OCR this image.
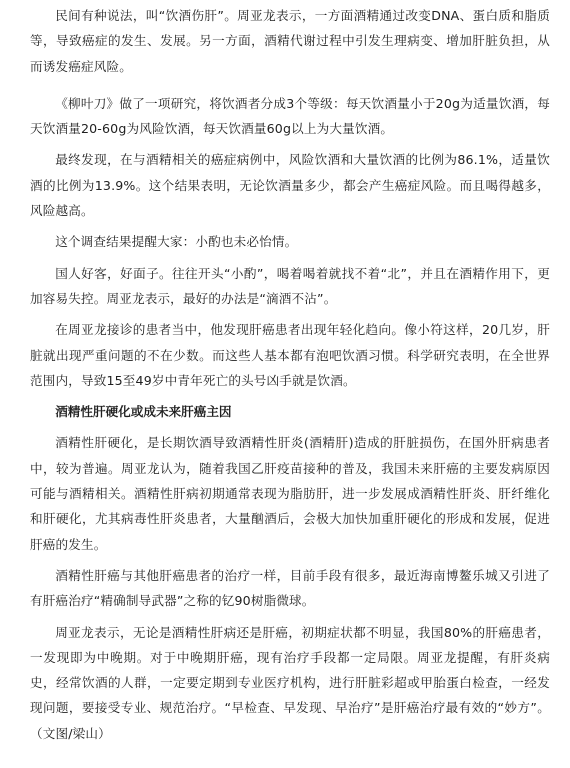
民间有种说法，叫“饮酒伤肝”。周亚龙表示，一方面酒精通过改变DNA、蛋白质和脂质等，导致癌症的发生、发展。另一方面，酒精代谢过程中引发生理病变、增加肝脏负担，从而诱发癌症风险。

《柳叶刀》做了一项研究，将饮酒者分成3个等级：每天饮酒量小于20g为适量饮酒，每天饮酒量20-60g为风险饮酒，每天饮酒量60g以上为大量饮酒。

最终发现，在与酒精相关的癌症病例中，风险饮酒和大量饮酒的比例为86.1%，适量饮酒的比例为13.9%。这个结果表明，无论饮酒量多少，都会产生癌症风险。而且喝得越多，风险越高。

这个调查结果提醒大家：小酌也未必怡情。

国人好客，好面子。往往开头“小酌”，喝着喝着就找不着“北”，并且在酒精作用下，更加容易失控。周亚龙表示，最好的办法是“滴酒不沾”。

在周亚龙接诊的患者当中，他发现肝癌患者出现年轻化趋向。像小符这样，20几岁，肝脏就出现严重问题的不在少数。而这些人基本都有泡吧饮酒习惯。科学研究表明，在全世界范围内，导致15至49岁中青年死亡的头号凶手就是饮酒。

酒精性肝硬化或成未来肝癌主因

酒精性肝硬化，是长期饮酒导致酒精性肝炎(酒精肝)造成的肝脏损伤，在国外肝病患者中，较为普遍。周亚龙认为，随着我国乙肝疫苗接种的普及，我国未来肝癌的主要发病原因可能与酒精相关。酒精性肝病初期通常表现为脂肪肝，进一步发展成酒精性肝炎、肝纤维化和肝硬化，尤其病毒性肝炎患者，大量酗酒后，会极大加快加重肝硬化的形成和发展，促进肝癌的发生。

酒精性肝癌与其他肝癌患者的治疗一样，目前手段有很多，最近海南博鳌乐城又引进了有肝癌治疗“精确制导武器”之称的钇90树脂微球。

周亚龙表示，无论是酒精性肝病还是肝癌，初期症状都不明显，我国80%的肝癌患者，一发现即为中晚期。对于中晚期肝癌，现有治疗手段都一定局限。周亚龙提醒，有肝炎病史，经常饮酒的人群，一定要定期到专业医疗机构，进行肝脏彩超或甲胎蛋白检查，一经发现问题，要接受专业、规范治疗。“早检查、早发现、早治疗”是肝癌治疗最有效的“妙方”。（文图/梁山）
